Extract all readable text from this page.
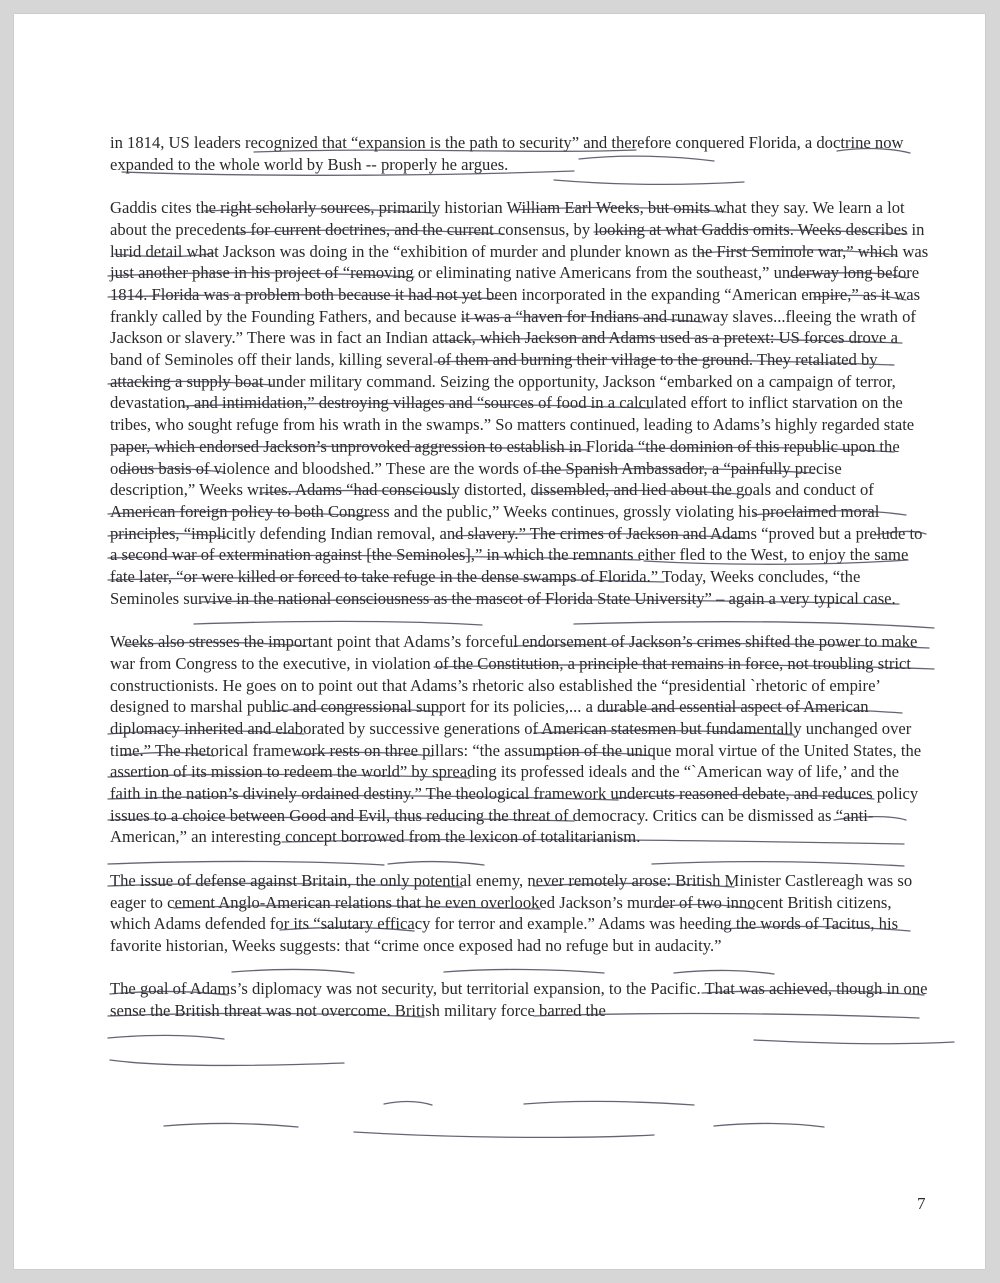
in 1814, US leaders recognized that “expansion is the path to security” and therefore conquered Florida, a doctrine now expanded to the whole world by Bush -- properly he argues.

Gaddis cites the right scholarly sources, primarily historian William Earl Weeks, but omits what they say. We learn a lot about the precedents for current doctrines, and the current consensus, by looking at what Gaddis omits. Weeks describes in lurid detail what Jackson was doing in the “exhibition of murder and plunder known as the First Seminole war,” which was just another phase in his project of “removing or eliminating native Americans from the southeast,” underway long before 1814. Florida was a problem both because it had not yet been incorporated in the expanding “American empire,” as it was frankly called by the Founding Fathers, and because it was a “haven for Indians and runaway slaves...fleeing the wrath of Jackson or slavery.” There was in fact an Indian attack, which Jackson and Adams used as a pretext: US forces drove a band of Seminoles off their lands, killing several of them and burning their village to the ground. They retaliated by attacking a supply boat under military command. Seizing the opportunity, Jackson “embarked on a campaign of terror, devastation, and intimidation,” destroying villages and “sources of food in a calculated effort to inflict starvation on the tribes, who sought refuge from his wrath in the swamps.” So matters continued, leading to Adams’s highly regarded state paper, which endorsed Jackson’s unprovoked aggression to establish in Florida “the dominion of this republic upon the odious basis of violence and bloodshed.” These are the words of the Spanish Ambassador, a “painfully precise description,” Weeks writes. Adams “had consciously distorted, dissembled, and lied about the goals and conduct of American foreign policy to both Congress and the public,” Weeks continues, grossly violating his proclaimed moral principles, “implicitly defending Indian removal, and slavery.” The crimes of Jackson and Adams “proved but a prelude to a second war of extermination against [the Seminoles],” in which the remnants either fled to the West, to enjoy the same fate later, “or were killed or forced to take refuge in the dense swamps of Florida.” Today, Weeks concludes, “the Seminoles survive in the national consciousness as the mascot of Florida State University” – again a very typical case.

Weeks also stresses the important point that Adams’s forceful endorsement of Jackson’s crimes shifted the power to make war from Congress to the executive, in violation of the Constitution, a principle that remains in force, not troubling strict constructionists. He goes on to point out that Adams’s rhetoric also established the “presidential `rhetoric of empire’ designed to marshal public and congressional support for its policies,... a durable and essential aspect of American diplomacy inherited and elaborated by successive generations of American statesmen but fundamentally unchanged over time.” The rhetorical framework rests on three pillars: “the assumption of the unique moral virtue of the United States, the assertion of its mission to redeem the world” by spreading its professed ideals and the “`American way of life,’ and the faith in the nation’s divinely ordained destiny.” The theological framework undercuts reasoned debate, and reduces policy issues to a choice between Good and Evil, thus reducing the threat of democracy. Critics can be dismissed as “anti-American,” an interesting concept borrowed from the lexicon of totalitarianism.

The issue of defense against Britain, the only potential enemy, never remotely arose: British Minister Castlereagh was so eager to cement Anglo-American relations that he even overlooked Jackson’s murder of two innocent British citizens, which Adams defended for its “salutary efficacy for terror and example.” Adams was heeding the words of Tacitus, his favorite historian, Weeks suggests: that “crime once exposed had no refuge but in audacity.”

The goal of Adams’s diplomacy was not security, but territorial expansion, to the Pacific. That was achieved, though in one sense the British threat was not overcome. British military force barred the

7
